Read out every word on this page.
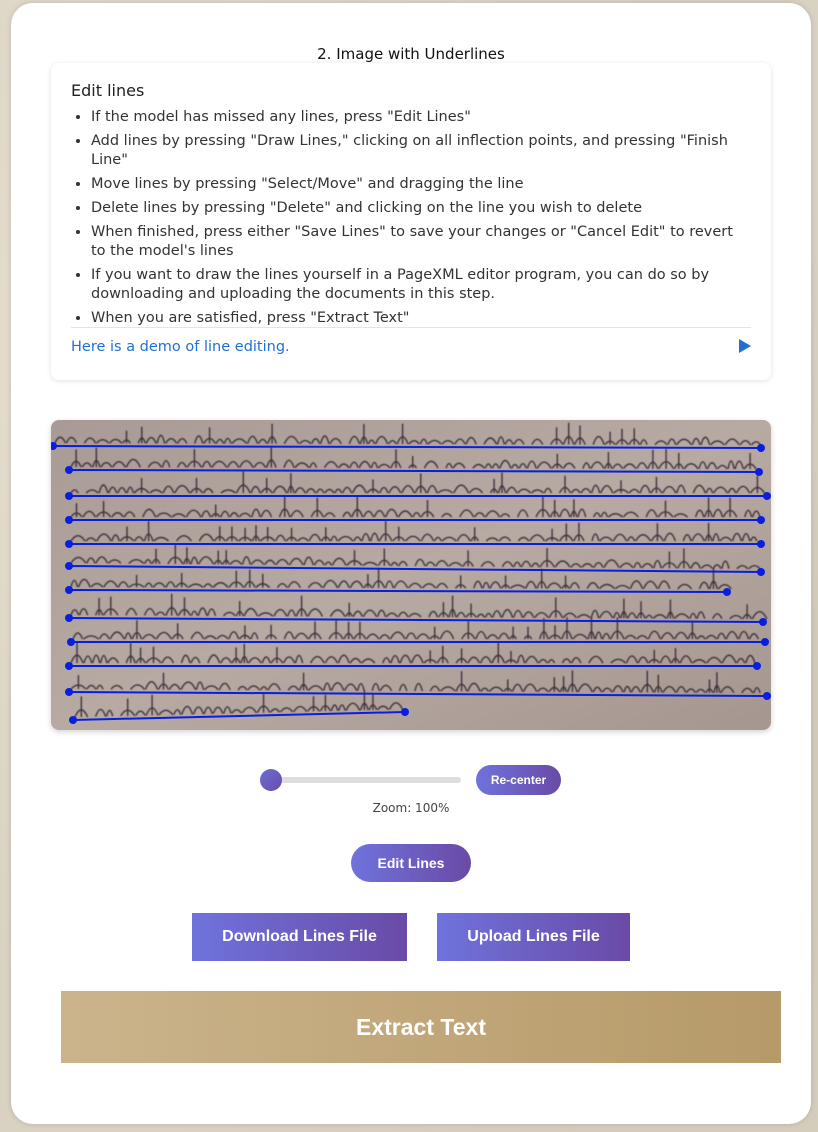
2. Image with Underlines
Edit lines
• If the model has missed any lines, press "Edit Lines"
• Add lines by pressing "Draw Lines," clicking on all inflection points, and pressing "Finish Line"
• Move lines by pressing "Select/Move" and dragging the line
• Delete lines by pressing "Delete" and clicking on the line you wish to delete
• When finished, press either "Save Lines" to save your changes or "Cancel Edit" to revert to the model's lines
• If you want to draw the lines yourself in a PageXML editor program, you can do so by downloading and uploading the documents in this step.
• When you are satisfied, press "Extract Text"
Here is a demo of line editing.
Re-center
Zoom: 100%
Edit Lines
Download Lines File	Upload Lines File
Extract Text
